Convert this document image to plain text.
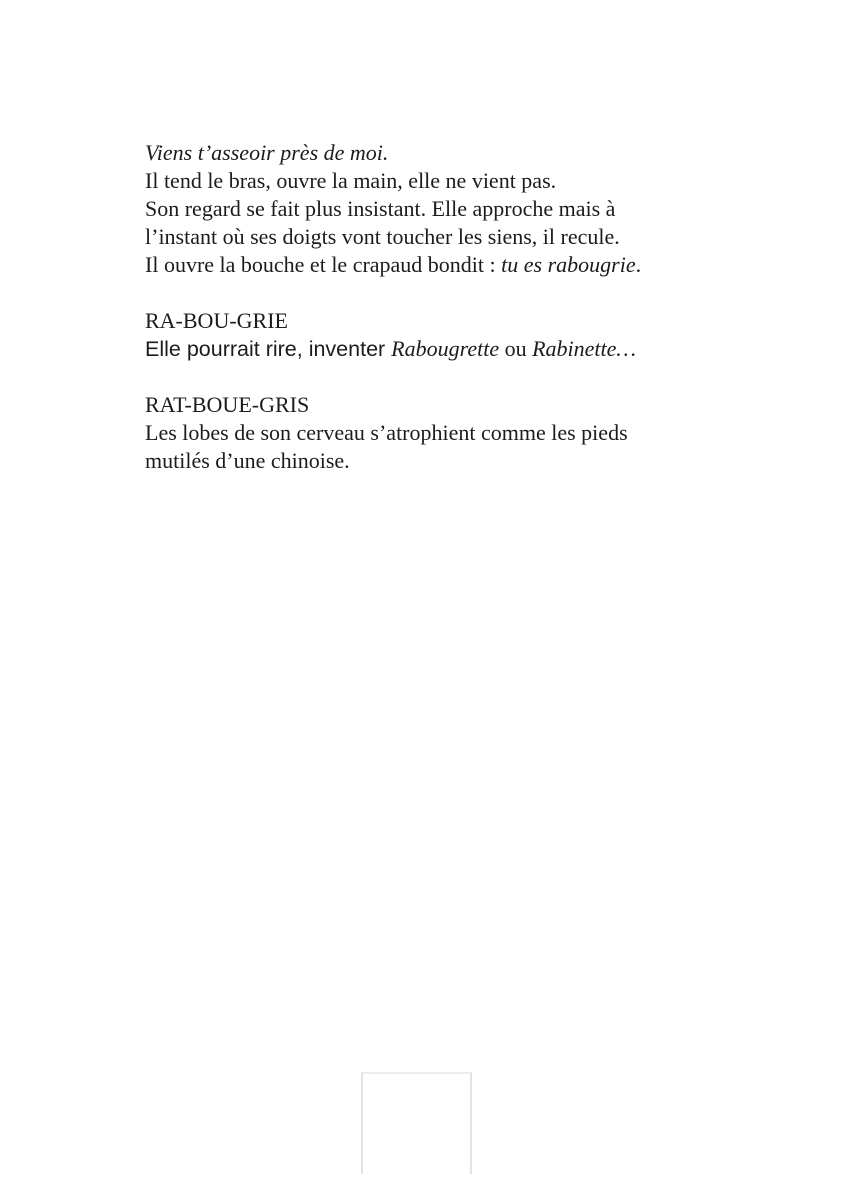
Viens t’asseoir près de moi.
Il tend le bras, ouvre la main, elle ne vient pas.
Son regard se fait plus insistant. Elle approche mais à
l’instant où ses doigts vont toucher les siens, il recule.
Il ouvre la bouche et le crapaud bondit : tu es rabougrie.

RA-BOU-GRIE
Elle pourrait rire, inventer Rabougrette ou Rabinette…

RAT-BOUE-GRIS
Les lobes de son cerveau s’atrophient comme les pieds
mutilés d’une chinoise.
